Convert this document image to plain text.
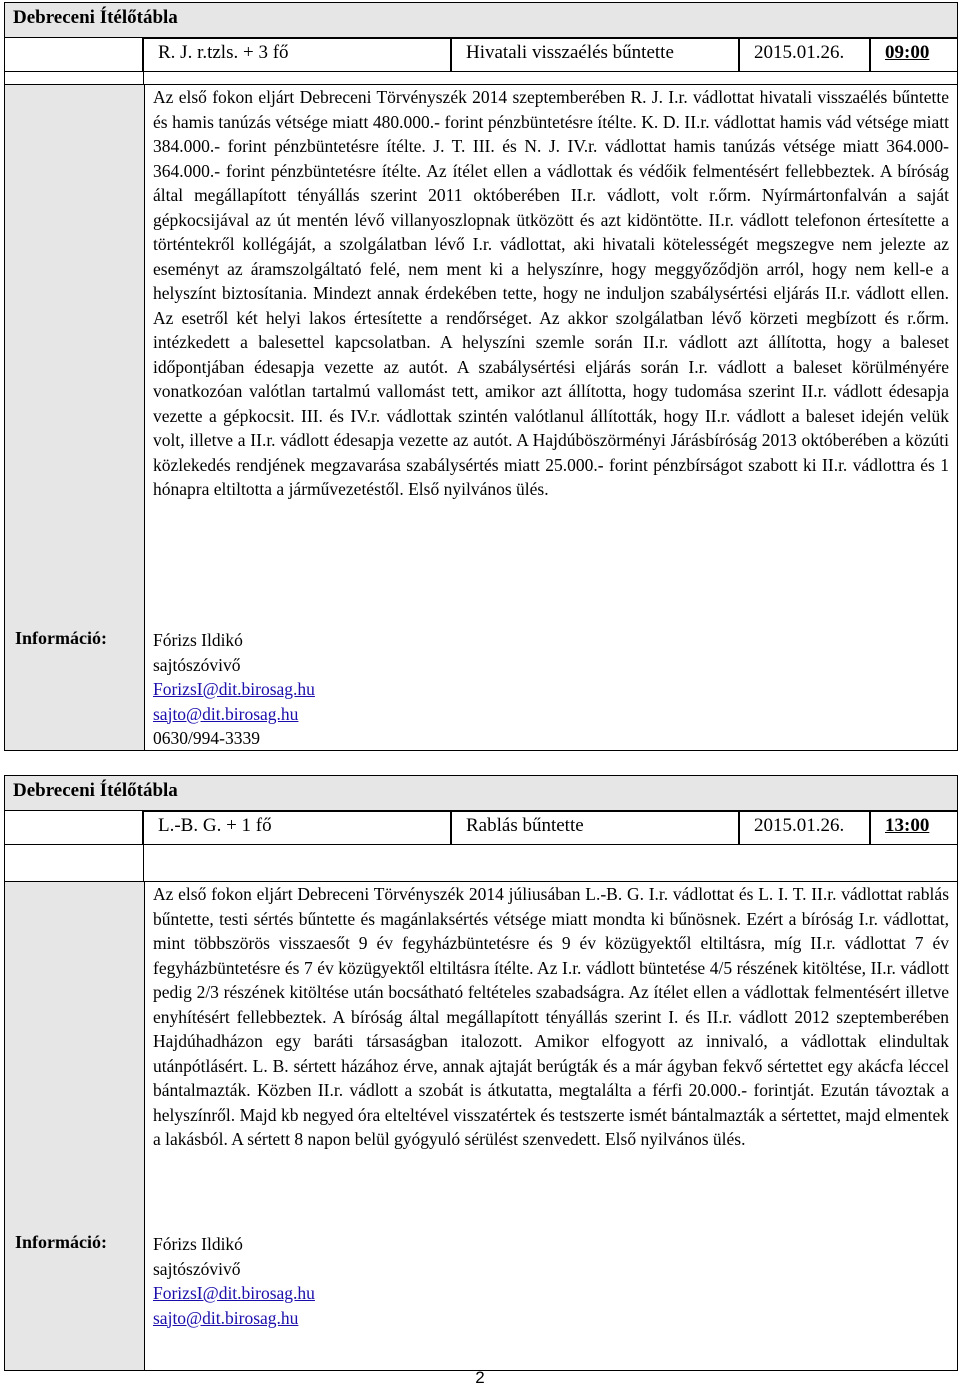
Debreceni Ítélőtábla
R. J. r.tzls. + 3 fő	Hivatali visszaélés bűntette	2015.01.26.	09:00
Információ:
Az első fokon eljárt Debreceni Törvényszék 2014 szeptemberében R. J. I.r. vádlottat hivatali visszaélés bűntette és hamis tanúzás vétsége miatt 480.000.- forint pénzbüntetésre ítélte. K. D. II.r. vádlottat hamis vád vétsége miatt 384.000.- forint pénzbüntetésre ítélte. J. T. III. és N. J. IV.r. vádlottat hamis tanúzás vétsége miatt 364.000-364.000.- forint pénzbüntetésre ítélte. Az ítélet ellen a vádlottak és védőik felmentésért fellebbeztek. A bíróság által megállapított tényállás szerint 2011 októberében II.r. vádlott, volt r.őrm. Nyírmártonfalván a saját gépkocsijával az út mentén lévő villanyoszlopnak ütközött és azt kidöntötte. II.r. vádlott telefonon értesítette a történtekről kollégáját, a szolgálatban lévő I.r. vádlottat, aki hivatali kötelességét megszegve nem jelezte az eseményt az áramszolgáltató felé, nem ment ki a helyszínre, hogy meggyőződjön arról, hogy nem kell-e a helyszínt biztosítania. Mindezt annak érdekében tette, hogy ne induljon szabálysértési eljárás II.r. vádlott ellen. Az esetről két helyi lakos értesítette a rendőrséget. Az akkor szolgálatban lévő körzeti megbízott és r.őrm. intézkedett a balesettel kapcsolatban. A helyszíni szemle során II.r. vádlott azt állította, hogy a baleset időpontjában édesapja vezette az autót. A szabálysértési eljárás során I.r. vádlott a baleset körülményére vonatkozóan valótlan tartalmú vallomást tett, amikor azt állította, hogy tudomása szerint II.r. vádlott édesapja vezette a gépkocsit. III. és IV.r. vádlottak szintén valótlanul állították, hogy II.r. vádlott a baleset idején velük volt, illetve a II.r. vádlott édesapja vezette az autót. A Hajdúböszörményi Járásbíróság 2013 októberében a közúti közlekedés rendjének megzavarása szabálysértés miatt 25.000.- forint pénzbírságot szabott ki II.r. vádlottra és 1 hónapra eltiltotta a járművezetéstől. Első nyilvános ülés.
Fórizs Ildikó
sajtószóvivő
ForizsI@dit.birosag.hu
sajto@dit.birosag.hu
0630/994-3339
Debreceni Ítélőtábla
L.-B. G. + 1 fő	Rablás bűntette	2015.01.26.	13:00
Információ:
Az első fokon eljárt Debreceni Törvényszék 2014 júliusában L.-B. G. I.r. vádlottat és L. I. T. II.r. vádlottat rablás bűntette, testi sértés bűntette és magánlaksértés vétsége miatt mondta ki bűnösnek. Ezért a bíróság I.r. vádlottat, mint többszörös visszaesőt 9 év fegyházbüntetésre és 9 év közügyektől eltiltásra, míg II.r. vádlottat 7 év fegyházbüntetésre és 7 év közügyektől eltiltásra ítélte. Az I.r. vádlott büntetése 4/5 részének kitöltése, II.r. vádlott pedig 2/3 részének kitöltése után bocsátható feltételes szabadságra. Az ítélet ellen a vádlottak felmentésért illetve enyhítésért fellebbeztek. A bíróság által megállapított tényállás szerint I. és II.r. vádlott 2012 szeptemberében Hajdúhadházon egy baráti társaságban italozott. Amikor elfogyott az innivaló, a vádlottak elindultak utánpótlásért. L. B. sértett házához érve, annak ajtaját berúgták és a már ágyban fekvő sértettet egy akácfa léccel bántalmazták. Közben II.r. vádlott a szobát is átkutatta, megtalálta a férfi 20.000.- forintját. Ezután távoztak a helyszínről. Majd kb negyed óra elteltével visszatértek és testszerte ismét bántalmazták a sértettet, majd elmentek a lakásból. A sértett 8 napon belül gyógyuló sérülést szenvedett. Első nyilvános ülés.
Fórizs Ildikó
sajtószóvivő
ForizsI@dit.birosag.hu
sajto@dit.birosag.hu
2
